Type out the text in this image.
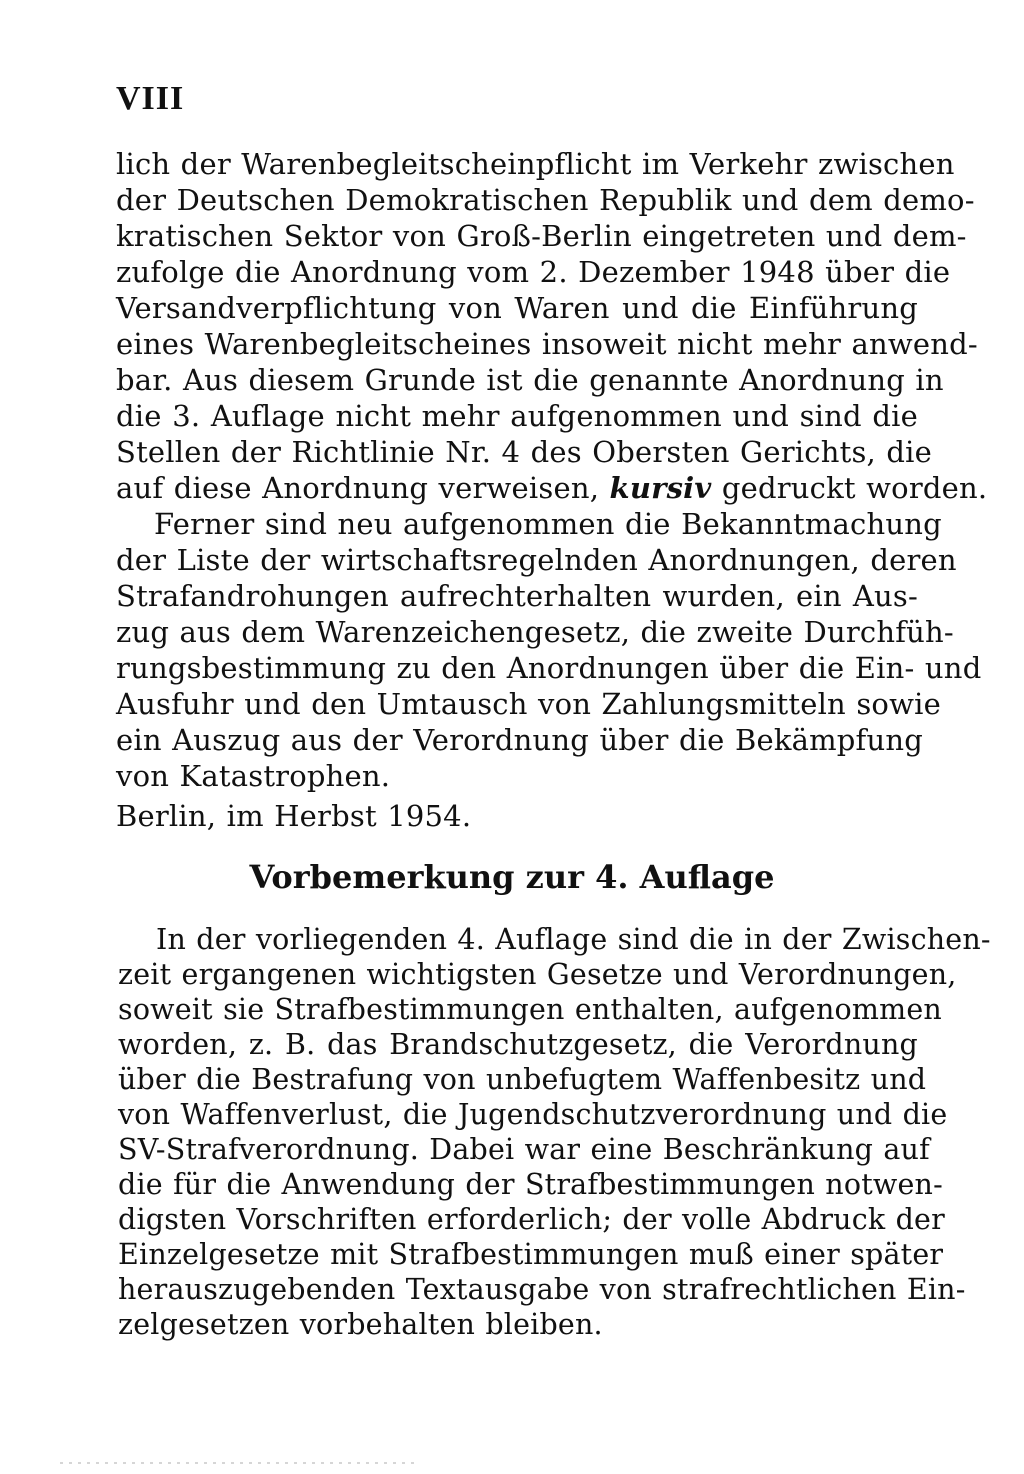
VIII

lich der Warenbegleitscheinpflicht im Verkehr zwischen

der Deutschen Demokratischen Republik und dem demo-

kratischen Sektor von Groß-Berlin eingetreten und dem-

zufolge die Anordnung vom 2. Dezember 1948 über die

Versandverpflichtung von Waren und die Einführung

eines Warenbegleitscheines insoweit nicht mehr anwend-

bar. Aus diesem Grunde ist die genannte Anordnung in

die 3. Auflage nicht mehr aufgenommen und sind die

Stellen der Richtlinie Nr. 4 des Obersten Gerichts, die

auf diese Anordnung verweisen, kursiv gedruckt worden.

Ferner sind neu aufgenommen die Bekanntmachung

der Liste der wirtschaftsregelnden Anordnungen, deren

Strafandrohungen aufrechterhalten wurden, ein Aus-

zug aus dem Warenzeichengesetz, die zweite Durchfüh-

rungsbestimmung zu den Anordnungen über die Ein- und

Ausfuhr und den Umtausch von Zahlungsmitteln sowie

ein Auszug aus der Verordnung über die Bekämpfung

von Katastrophen.

Berlin, im Herbst 1954.

Vorbemerkung zur 4. Auflage

In der vorliegenden 4. Auflage sind die in der Zwischen-

zeit ergangenen wichtigsten Gesetze und Verordnungen,

soweit sie Strafbestimmungen enthalten, aufgenommen

worden, z. B. das Brandschutzgesetz, die Verordnung

über die Bestrafung von unbefugtem Waffenbesitz und

von Waffenverlust, die Jugendschutzverordnung und die

SV-Strafverordnung. Dabei war eine Beschränkung auf

die für die Anwendung der Strafbestimmungen notwen-

digsten Vorschriften erforderlich; der volle Abdruck der

Einzelgesetze mit Strafbestimmungen muß einer später

herauszugebenden Textausgabe von strafrechtlichen Ein-

zelgesetzen vorbehalten bleiben.
